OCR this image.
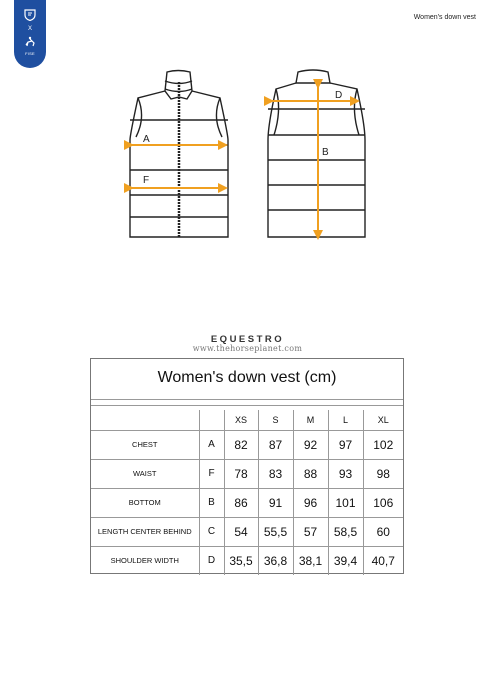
X
FISE
Women's down vest
A
F
D
B
EQUESTRO
www.thehorseplanet.com
Women's down vest (cm)
		XS	S	M	L	XL
CHEST	A	82	87	92	97	102
WAIST	F	78	83	88	93	98
BOTTOM	B	86	91	96	101	106
LENGTH CENTER BEHIND	C	54	55,5	57	58,5	60
SHOULDER WIDTH	D	35,5	36,8	38,1	39,4	40,7
